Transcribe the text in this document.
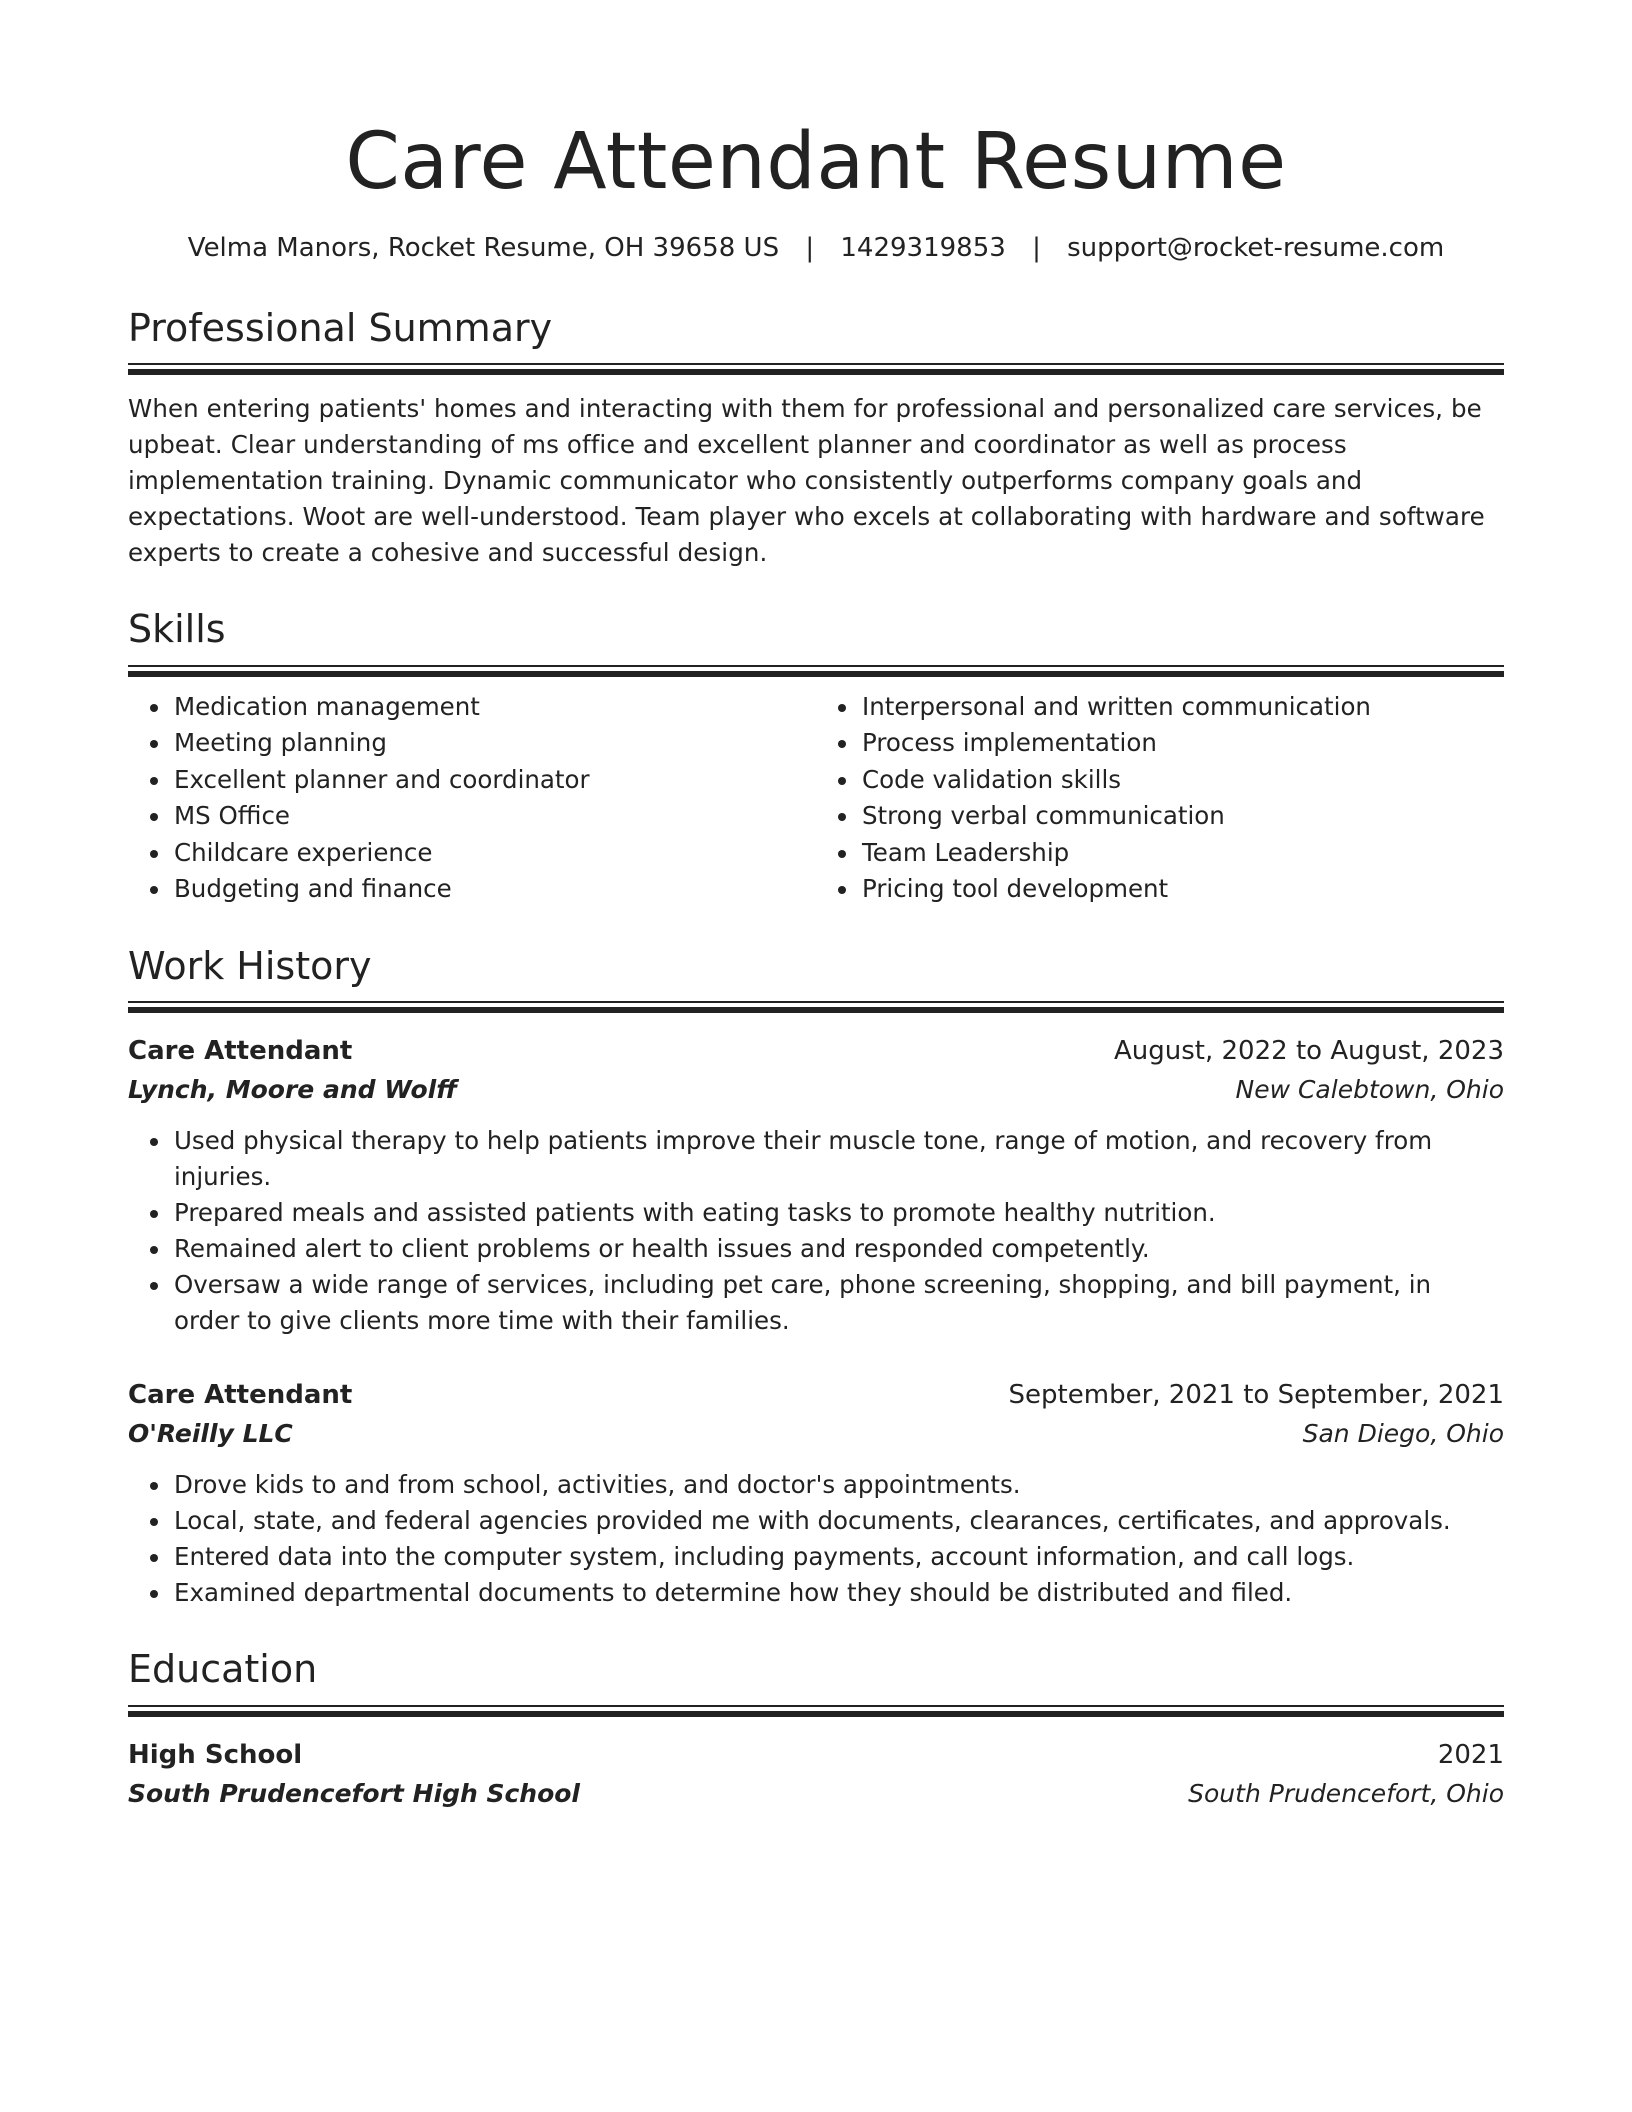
Care Attendant Resume
Velma Manors, Rocket Resume, OH 39658 US | 1429319853 | support@rocket-resume.com
Professional Summary
When entering patients' homes and interacting with them for professional and personalized care services, be upbeat. Clear understanding of ms office and excellent planner and coordinator as well as process implementation training. Dynamic communicator who consistently outperforms company goals and expectations. Woot are well-understood. Team player who excels at collaborating with hardware and software experts to create a cohesive and successful design.
Skills
• Medication management
• Meeting planning
• Excellent planner and coordinator
• MS Office
• Childcare experience
• Budgeting and finance
• Interpersonal and written communication
• Process implementation
• Code validation skills
• Strong verbal communication
• Team Leadership
• Pricing tool development
Work History
Care Attendant	August, 2022 to August, 2023
Lynch, Moore and Wolff	New Calebtown, Ohio
• Used physical therapy to help patients improve their muscle tone, range of motion, and recovery from injuries.
• Prepared meals and assisted patients with eating tasks to promote healthy nutrition.
• Remained alert to client problems or health issues and responded competently.
• Oversaw a wide range of services, including pet care, phone screening, shopping, and bill payment, in order to give clients more time with their families.
Care Attendant	September, 2021 to September, 2021
O'Reilly LLC	San Diego, Ohio
• Drove kids to and from school, activities, and doctor's appointments.
• Local, state, and federal agencies provided me with documents, clearances, certificates, and approvals.
• Entered data into the computer system, including payments, account information, and call logs.
• Examined departmental documents to determine how they should be distributed and filed.
Education
High School	2021
South Prudencefort High School	South Prudencefort, Ohio
